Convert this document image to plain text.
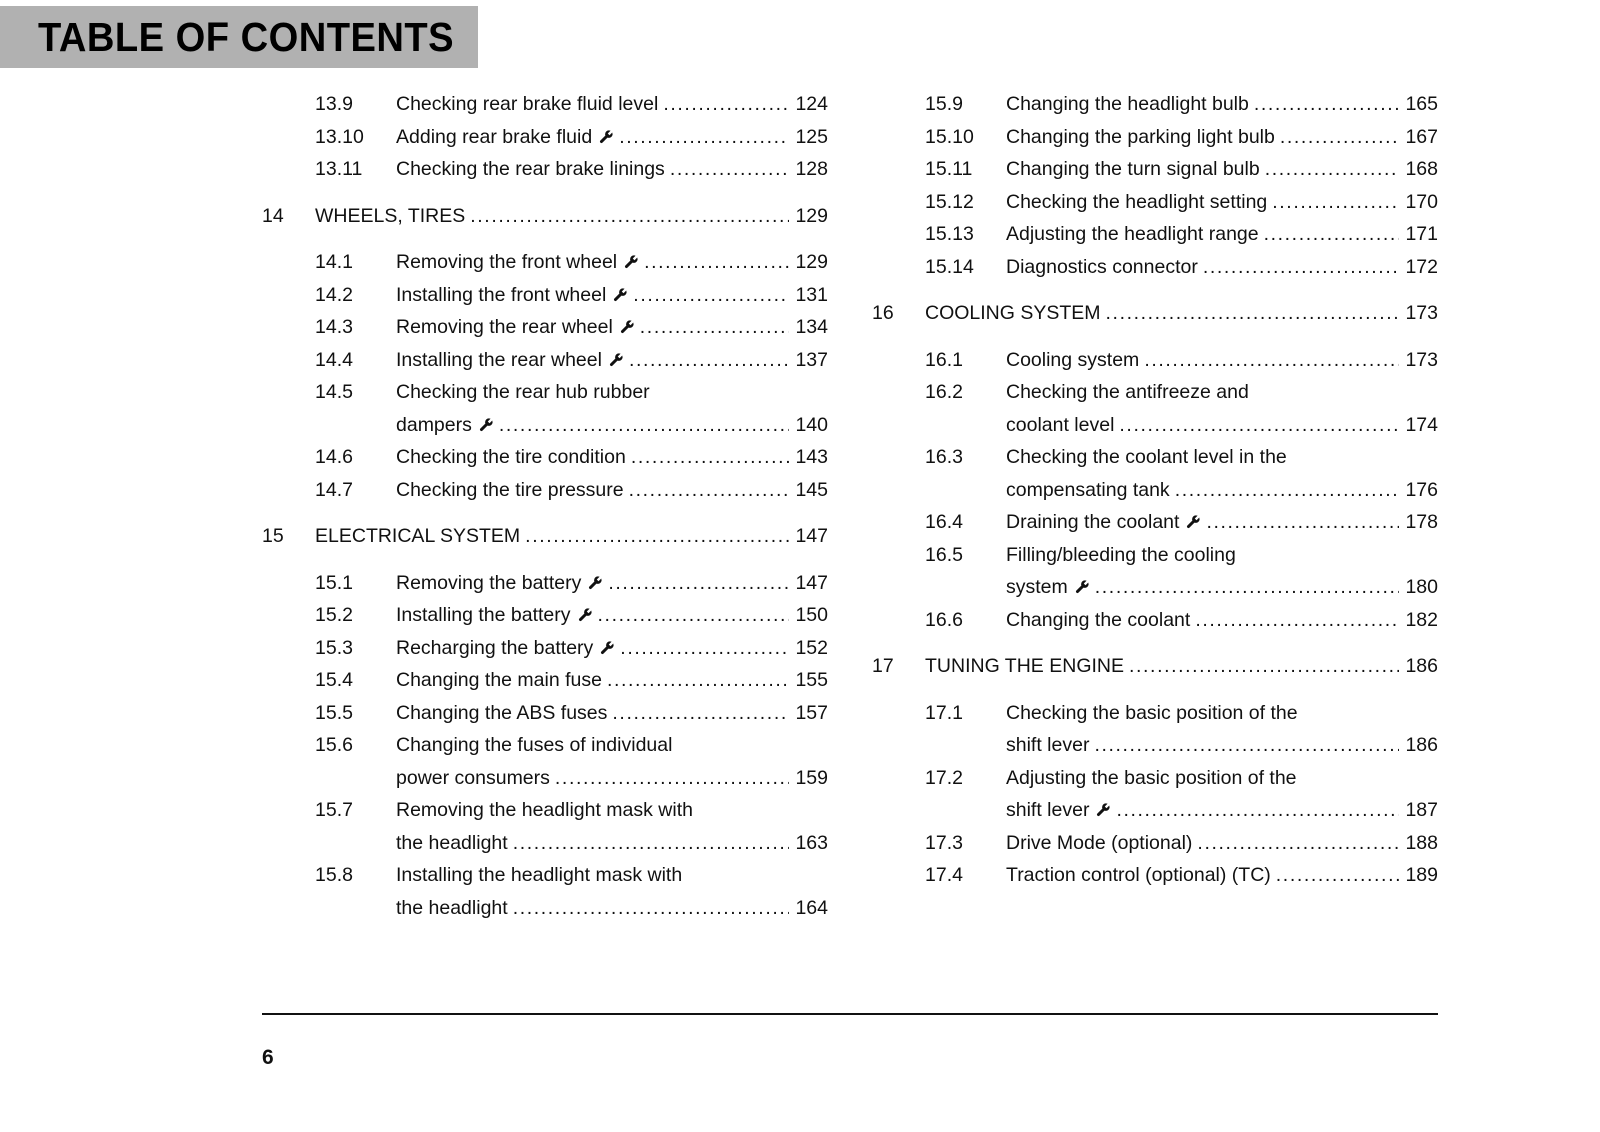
TABLE OF CONTENTS
13.9	Checking rear brake fluid level .....	124
13.10	Adding rear brake fluid .....	125
13.11	Checking the rear brake linings .....	128
14	WHEELS, TIRES .....	129
14.1	Removing the front wheel .....	129
14.2	Installing the front wheel .....	131
14.3	Removing the rear wheel .....	134
14.4	Installing the rear wheel .....	137
14.5	Checking the rear hub rubber
dampers .....	140
14.6	Checking the tire condition .....	143
14.7	Checking the tire pressure .....	145
15	ELECTRICAL SYSTEM .....	147
15.1	Removing the battery .....	147
15.2	Installing the battery .....	150
15.3	Recharging the battery .....	152
15.4	Changing the main fuse .....	155
15.5	Changing the ABS fuses .....	157
15.6	Changing the fuses of individual
power consumers .....	159
15.7	Removing the headlight mask with
the headlight .....	163
15.8	Installing the headlight mask with
the headlight .....	164
15.9	Changing the headlight bulb .....	165
15.10	Changing the parking light bulb .....	167
15.11	Changing the turn signal bulb .....	168
15.12	Checking the headlight setting .....	170
15.13	Adjusting the headlight range .....	171
15.14	Diagnostics connector .....	172
16	COOLING SYSTEM .....	173
16.1	Cooling system .....	173
16.2	Checking the antifreeze and
coolant level .....	174
16.3	Checking the coolant level in the
compensating tank .....	176
16.4	Draining the coolant .....	178
16.5	Filling/bleeding the cooling
system .....	180
16.6	Changing the coolant .....	182
17	TUNING THE ENGINE .....	186
17.1	Checking the basic position of the
shift lever .....	186
17.2	Adjusting the basic position of the
shift lever .....	187
17.3	Drive Mode (optional) .....	188
17.4	Traction control (optional) (TC) .....	189
6
